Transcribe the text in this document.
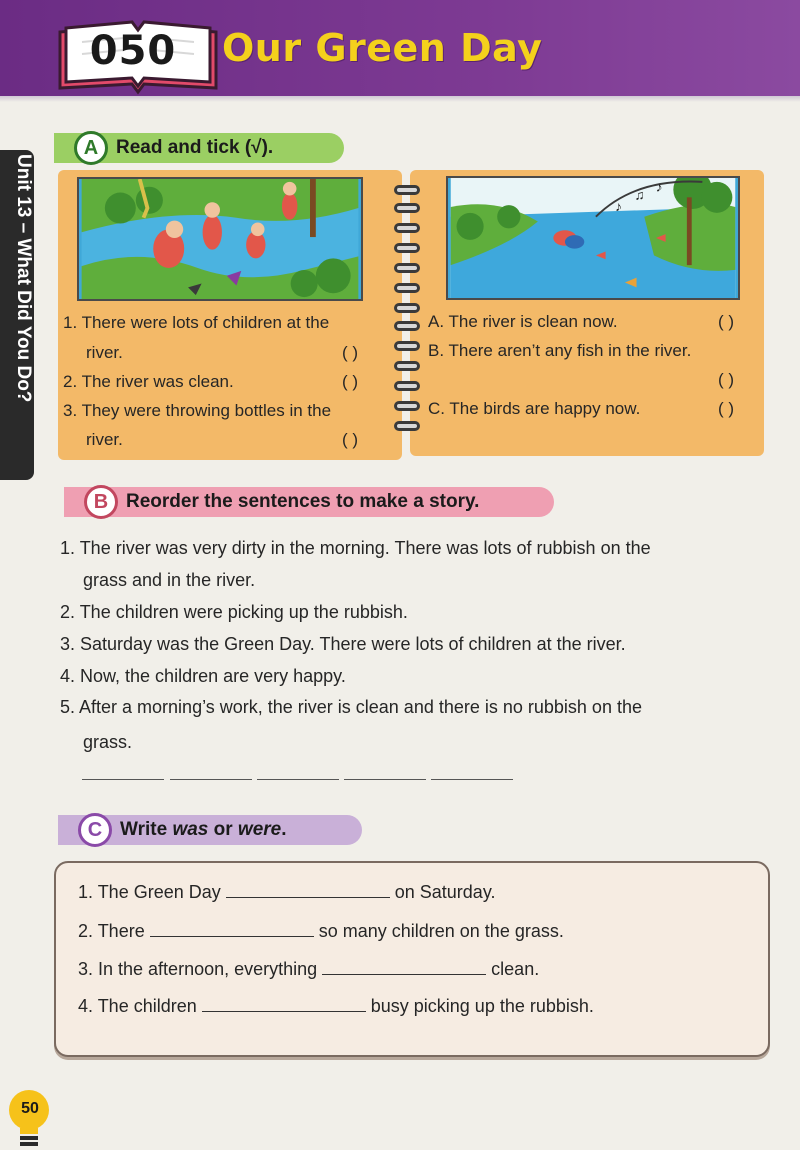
050 Our Green Day
Unit 13 – What Did You Do?
A Read and tick (√).
♪
♫
♪
1. There were lots of children at the
river.	( )
2. The river was clean.	( )
3. They were throwing bottles in the
river.	( )
A. The river is clean now.	( )
B. There aren’t any fish in the river.
( )
C. The birds are happy now.	( )
B Reorder the sentences to make a story.
1. The river was very dirty in the morning. There was lots of rubbish on the
grass and in the river.
2. The children were picking up the rubbish.
3. Saturday was the Green Day. There were lots of children at the river.
4. Now, the children are very happy.
5. After a morning’s work, the river is clean and there is no rubbish on the
grass.
C Write was or were.
1. The Green Day	on Saturday.
2. There	so many children on the grass.
3. In the afternoon, everything	clean.
4. The children	busy picking up the rubbish.
50
